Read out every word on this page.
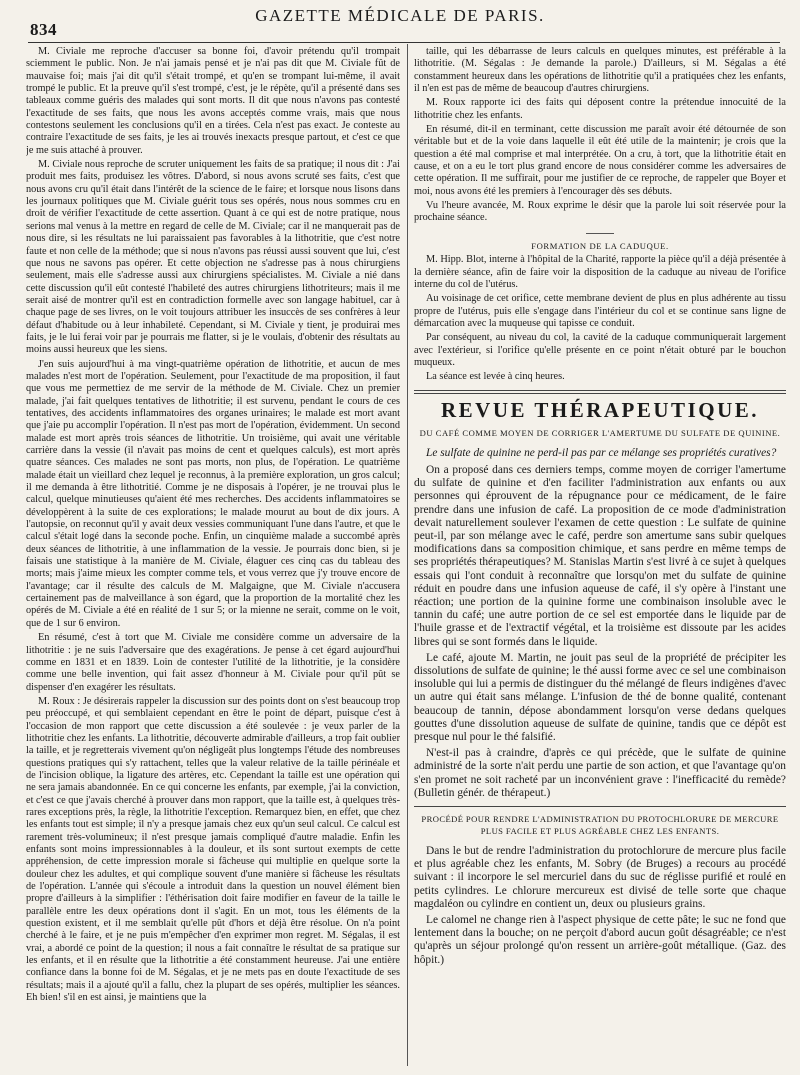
834
GAZETTE MÉDICALE DE PARIS.

M. Civiale me reproche d'accuser sa bonne foi, d'avoir prétendu qu'il trompait sciemment le public. Non. Je n'ai jamais pensé et je n'ai pas dit que M. Civiale fût de mauvaise foi; mais j'ai dit qu'il s'était trompé, et qu'en se trompant lui-même, il avait trompé le public. Et la preuve qu'il s'est trompé, c'est, je le répète, qu'il a présenté dans ses tableaux comme guéris des malades qui sont morts. Il dit que nous n'avons pas contesté l'exactitude de ses faits, que nous les avons acceptés comme vrais, mais que nous contestons seulement les conclusions qu'il en a tirées. Cela n'est pas exact. Je conteste au contraire l'exactitude de ses faits, je les ai trouvés inexacts presque partout, et c'est ce que je me suis attaché à prouver.

M. Civiale nous reproche de scruter uniquement les faits de sa pratique; il nous dit : J'ai produit mes faits, produisez les vôtres. D'abord, si nous avons scruté ses faits, c'est que nous avons cru qu'il était dans l'intérêt de la science de le faire; et lorsque nous lisons dans les journaux politiques que M. Civiale guérit tous ses opérés, nous nous sommes cru en droit de vérifier l'exactitude de cette assertion. Quant à ce qui est de notre pratique, nous serions mal venus à la mettre en regard de celle de M. Civiale; car il ne manquerait pas de nous dire, si les résultats ne lui paraissaient pas favorables à la lithotritie, que c'est notre faute et non celle de la méthode; que si nous n'avons pas réussi aussi souvent que lui, c'est que nous ne savons pas opérer. Et cette objection ne s'adresse pas à nous chirurgiens seulement, mais elle s'adresse aussi aux chirurgiens spécialistes. M. Civiale a nié dans cette discussion qu'il eût contesté l'habileté des autres chirurgiens lithotriteurs; mais il me serait aisé de montrer qu'il est en contradiction formelle avec son langage habituel, car à chaque page de ses livres, on le voit toujours attribuer les insuccès de ses confrères à leur défaut d'habitude ou à leur inhabileté. Cependant, si M. Civiale y tient, je produirai mes faits, je le lui ferai voir par je pourrais me flatter, si je le voulais, d'obtenir des résultats au moins aussi heureux que les siens.

J'en suis aujourd'hui à ma vingt-quatrième opération de lithotritie, et aucun de mes malades n'est mort de l'opération. Seulement, pour l'exactitude de ma proposition, il faut que vous me permettiez de me servir de la méthode de M. Civiale. Chez un premier malade, j'ai fait quelques tentatives de lithotritie; il est survenu, pendant le cours de ces tentatives, des accidents inflammatoires des organes urinaires; le malade est mort avant que j'aie pu accomplir l'opération. Il n'est pas mort de l'opération, évidemment. Un second malade est mort après trois séances de lithotritie. Un troisième, qui avait une véritable carrière dans la vessie (il n'avait pas moins de cent et quelques calculs), est mort après quatre séances. Ces malades ne sont pas morts, non plus, de l'opération. Le quatrième malade était un vieillard chez lequel je reconnus, à la première exploration, un gros calcul; il me demanda à être lithotritié. Comme je ne disposais à l'opérer, je ne trouvai plus le calcul, quelque minutieuses qu'aient été mes recherches. Des accidents inflammatoires se développèrent à la suite de ces explorations; le malade mourut au bout de dix jours. A l'autopsie, on reconnut qu'il y avait deux vessies communiquant l'une dans l'autre, et que le calcul s'était logé dans la seconde poche. Enfin, un cinquième malade a succombé après deux séances de lithotritie, à une inflammation de la vessie. Je pourrais donc bien, si je faisais une statistique à la manière de M. Civiale, élaguer ces cinq cas du tableau des morts; mais j'aime mieux les compter comme tels, et vous verrez que j'y trouve encore de l'avantage; car il résulte des calculs de M. Malgaigne, que M. Civiale n'accusera certainement pas de malveillance à son égard, que la proportion de la mortalité chez les opérés de M. Civiale a été en réalité de 1 sur 5; or la mienne ne serait, comme on le voit, que de 1 sur 6 environ.

En résumé, c'est à tort que M. Civiale me considère comme un adversaire de la lithotritie : je ne suis l'adversaire que des exagérations. Je pense à cet égard aujourd'hui comme en 1831 et en 1839. Loin de contester l'utilité de la lithotritie, je la considère comme une belle invention, qui fait assez d'honneur à M. Civiale pour qu'il pût se dispenser d'en exagérer les résultats.

M. Roux : Je désirerais rappeler la discussion sur des points dont on s'est beaucoup trop peu préoccupé, et qui semblaient cependant en être le point de départ, puisque c'est à l'occasion de mon rapport que cette discussion a été soulevée : je veux parler de la lithotritie chez les enfants. La lithotritie, découverte admirable d'ailleurs, a trop fait oublier la taille, et je regretterais vivement qu'on négligeât plus longtemps l'étude des nombreuses questions pratiques qui s'y rattachent, telles que la valeur relative de la taille périnéale et de l'incision oblique, la ligature des artères, etc. Cependant la taille est une opération qui ne sera jamais abandonnée. En ce qui concerne les enfants, par exemple, j'ai la conviction, et c'est ce que j'avais cherché à prouver dans mon rapport, que la taille est, à quelques très-rares exceptions près, la règle, la lithotritie l'exception. Remarquez bien, en effet, que chez les enfants tout est simple; il n'y a presque jamais chez eux qu'un seul calcul. Ce calcul est rarement très-volumineux; il n'est presque jamais compliqué d'autre maladie. Enfin les enfants sont moins impressionnables à la douleur, et ils sont surtout exempts de cette appréhension, de cette impression morale si fâcheuse qui multiplie en quelque sorte la douleur chez les adultes, et qui complique souvent d'une manière si fâcheuse les résultats de l'opération. L'année qui s'écoule a introduit dans la question un nouvel élément bien propre d'ailleurs à la simplifier : l'éthérisation doit faire modifier en faveur de la taille le parallèle entre les deux opérations dont il s'agit. En un mot, tous les éléments de la question existent, et il me semblait qu'elle pût d'hors et déjà être résolue. On n'a point cherché à le faire, et je ne puis m'empêcher d'en exprimer mon regret. M. Ségalas, il est vrai, a abordé ce point de la question; il nous a fait connaître le résultat de sa pratique sur les enfants, et il en résulte que la lithotritie a été constamment heureuse. J'ai une entière confiance dans la bonne foi de M. Ségalas, et je ne mets pas en doute l'exactitude de ses résultats; mais il a ajouté qu'il a fallu, chez la plupart de ses opérés, multiplier les séances. Eh bien! s'il en est ainsi, je maintiens que la

taille, qui les débarrasse de leurs calculs en quelques minutes, est préférable à la lithotritie. (M. Ségalas : Je demande la parole.) D'ailleurs, si M. Ségalas a été constamment heureux dans les opérations de lithotritie qu'il a pratiquées chez les enfants, il n'en est pas de même de beaucoup d'autres chirurgiens.

M. Roux rapporte ici des faits qui déposent contre la prétendue innocuité de la lithotritie chez les enfants.

En résumé, dit-il en terminant, cette discussion me paraît avoir été détournée de son véritable but et de la voie dans laquelle il eût été utile de la maintenir; je crois que la question a été mal comprise et mal interprétée. On a cru, à tort, que la lithotritie était en cause, et on a eu le tort plus grand encore de nous considérer comme les adversaires de cette opération. Il me suffirait, pour me justifier de ce reproche, de rappeler que Boyer et moi, nous avons été les premiers à l'encourager dès ses débuts.

Vu l'heure avancée, M. Roux exprime le désir que la parole lui soit réservée pour la prochaine séance.

FORMATION DE LA CADUQUE.

M. Hipp. Blot, interne à l'hôpital de la Charité, rapporte la pièce qu'il a déjà présentée à la dernière séance, afin de faire voir la disposition de la caduque au niveau de l'orifice interne du col de l'utérus.

Au voisinage de cet orifice, cette membrane devient de plus en plus adhérente au tissu propre de l'utérus, puis elle s'engage dans l'intérieur du col et se continue sans ligne de démarcation avec la muqueuse qui tapisse ce conduit.

Par conséquent, au niveau du col, la cavité de la caduque communiquerait largement avec l'extérieur, si l'orifice qu'elle présente en ce point n'était obturé par le bouchon muqueux.

La séance est levée à cinq heures.

REVUE THÉRAPEUTIQUE.
DU CAFÉ COMME MOYEN DE CORRIGER L'AMERTUME DU SULFATE DE QUININE.
Le sulfate de quinine ne perd-il pas par ce mélange ses propriétés curatives?

On a proposé dans ces derniers temps, comme moyen de corriger l'amertume du sulfate de quinine et d'en faciliter l'administration aux enfants ou aux personnes qui éprouvent de la répugnance pour ce médicament, de le faire prendre dans une infusion de café. La proposition de ce mode d'administration devait naturellement soulever l'examen de cette question : Le sulfate de quinine peut-il, par son mélange avec le café, perdre son amertume sans subir quelques modifications dans sa composition chimique, et sans perdre en même temps de ses propriétés thérapeutiques? M. Stanislas Martin s'est livré à ce sujet à quelques essais qui l'ont conduit à reconnaître que lorsqu'on met du sulfate de quinine réduit en poudre dans une infusion aqueuse de café, il s'y opère à l'instant une réaction; une portion de la quinine forme une combinaison insoluble avec le tannin du café; une autre portion de ce sel est emportée dans le liquide par de l'huile grasse et de l'extractif végétal, et la troisième est dissoute par les acides libres qui se sont formés dans le liquide.

Le café, ajoute M. Martin, ne jouit pas seul de la propriété de précipiter les dissolutions de sulfate de quinine; le thé aussi forme avec ce sel une combinaison insoluble qui lui a permis de distinguer du thé mélangé de fleurs indigènes d'avec un autre qui était sans mélange. L'infusion de thé de bonne qualité, contenant beaucoup de tannin, dépose abondamment lorsqu'on verse dedans quelques gouttes d'une dissolution aqueuse de sulfate de quinine, tandis que ce dépôt est presque nul pour le thé falsifié.

N'est-il pas à craindre, d'après ce qui précède, que le sulfate de quinine administré de la sorte n'ait perdu une partie de son action, et que l'avantage qu'on s'en promet ne soit racheté par un inconvénient grave : l'inefficacité du remède? (Bulletin génér. de thérapeut.)

PROCÉDÉ POUR RENDRE L'ADMINISTRATION DU PROTOCHLORURE DE MERCURE
PLUS FACILE ET PLUS AGRÉABLE CHEZ LES ENFANTS.

Dans le but de rendre l'administration du protochlorure de mercure plus facile et plus agréable chez les enfants, M. Sobry (de Bruges) a recours au procédé suivant : il incorpore le sel mercuriel dans du suc de réglisse purifié et roulé en petits cylindres. Le chlorure mercureux est divisé de telle sorte que chaque magdaléon ou cylindre en contient un, deux ou plusieurs grains.

Le calomel ne change rien à l'aspect physique de cette pâte; le suc ne fond que lentement dans la bouche; on ne perçoit d'abord aucun goût désagréable; ce n'est qu'après un séjour prolongé qu'on ressent un arrière-goût métallique. (Gaz. des hôpit.)
